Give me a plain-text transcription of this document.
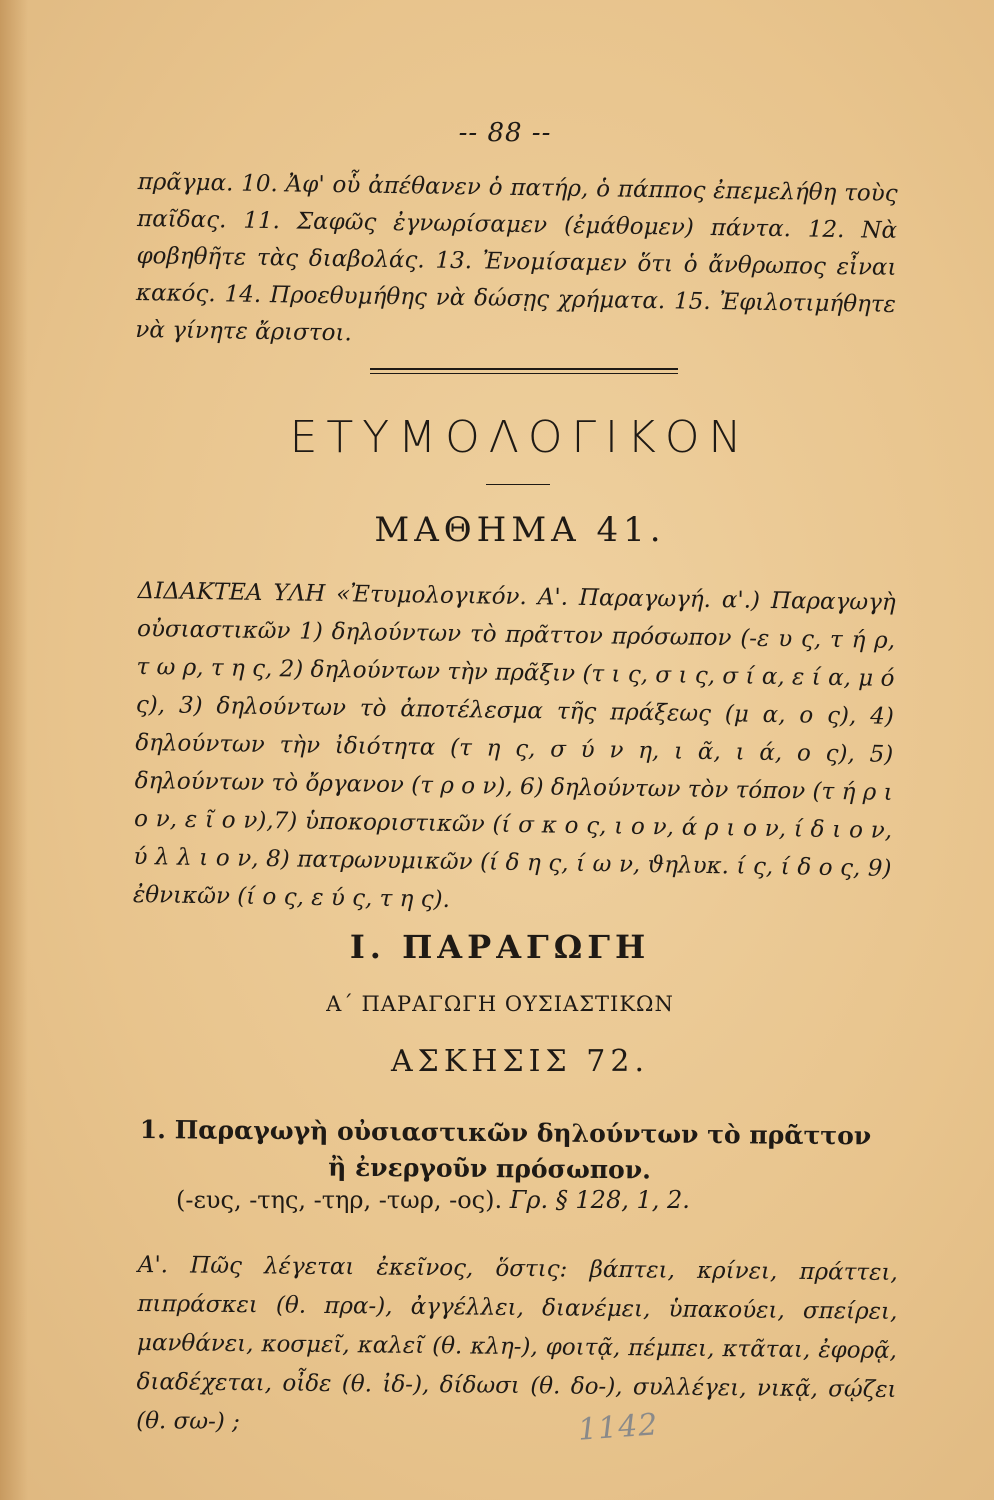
-- 88 --
πρᾶγμα. 10. Ἀφ' οὗ ἀπέθανεν ὁ πατήρ, ὁ πάππος ἐπεμελήθη τοὺς παῖδας. 11. Σαφῶς ἐγνωρίσαμεν (ἐμάθομεν) πάντα. 12. Νὰ φοβηθῆτε τὰς διαβολάς. 13. Ἐνομίσαμεν ὅτι ὁ ἄνθρωπος εἶναι κακός. 14. Προεθυμήθης νὰ δώσῃς χρήματα. 15. Ἐφιλοτιμήθητε νὰ γίνητε ἄριστοι.
ΕΤΥΜΟΛΟΓΙΚΟΝ
ΜΑΘΗΜΑ 41.
ΔΙΔΑΚΤΕΑ ΥΛΗ «Ἐτυμολογικόν. Α'. Παραγωγή. α'.) Παραγωγὴ οὐσιαστικῶν 1) δηλούντων τὸ πρᾶττον πρόσωπον (-ε υ ς, τ ή ρ, τ ω ρ, τ η ς, 2) δηλούντων τὴν πρᾶξιν (τ ι ς, σ ι ς, σ ί α, ε ί α, μ ό ς), 3) δηλούντων τὸ ἀποτέλεσμα τῆς πράξεως (μ α, ο ς), 4) δηλούντων τὴν ἰδιότητα (τ η ς, σ ύ ν η, ι ᾶ, ι ά, ο ς), 5) δηλούντων τὸ ὄργανον (τ ρ ο ν), 6) δηλούντων τὸν τόπον (τ ή ρ ι ο ν, ε ῖ ο ν),7) ὑποκοριστικῶν (ί σ κ ο ς, ι ο ν, ά ρ ι ο ν, ί δ ι ο ν, ύ λ λ ι ο ν, 8) πατρωνυμικῶν (ί δ η ς, ί ω ν, ϑηλυκ. ί ς, ί δ ο ς, 9) ἐθνικῶν (ί ο ς, ε ύ ς, τ η ς).
Ι. ΠΑΡΑΓΩΓΗ
Α΄ ΠΑΡΑΓΩΓΗ ΟΥΣΙΑΣΤΙΚΩΝ
ΑΣΚΗΣΙΣ 72.
1. Παραγωγὴ οὐσιαστικῶν δηλούντων τὸ πρᾶττον
ἢ ἐνεργοῦν πρόσωπον.
(-ευς, -της, -τηρ, -τωρ, -ος). Γρ. § 128, 1, 2.
Α'. Πῶς λέγεται ἐκεῖνος, ὅστις: βάπτει, κρίνει, πράττει, πιπράσκει (θ. πρα-), ἀγγέλλει, διανέμει, ὑπακούει, σπείρει, μανθάνει, κοσμεῖ, καλεῖ (θ. κλη-), φοιτᾷ, πέμπει, κτᾶται, ἐφορᾷ, διαδέχεται, οἶδε (θ. ἰδ-), δίδωσι (θ. δο-), συλλέγει, νικᾷ, σῴζει (θ. σω-) ;	1142
